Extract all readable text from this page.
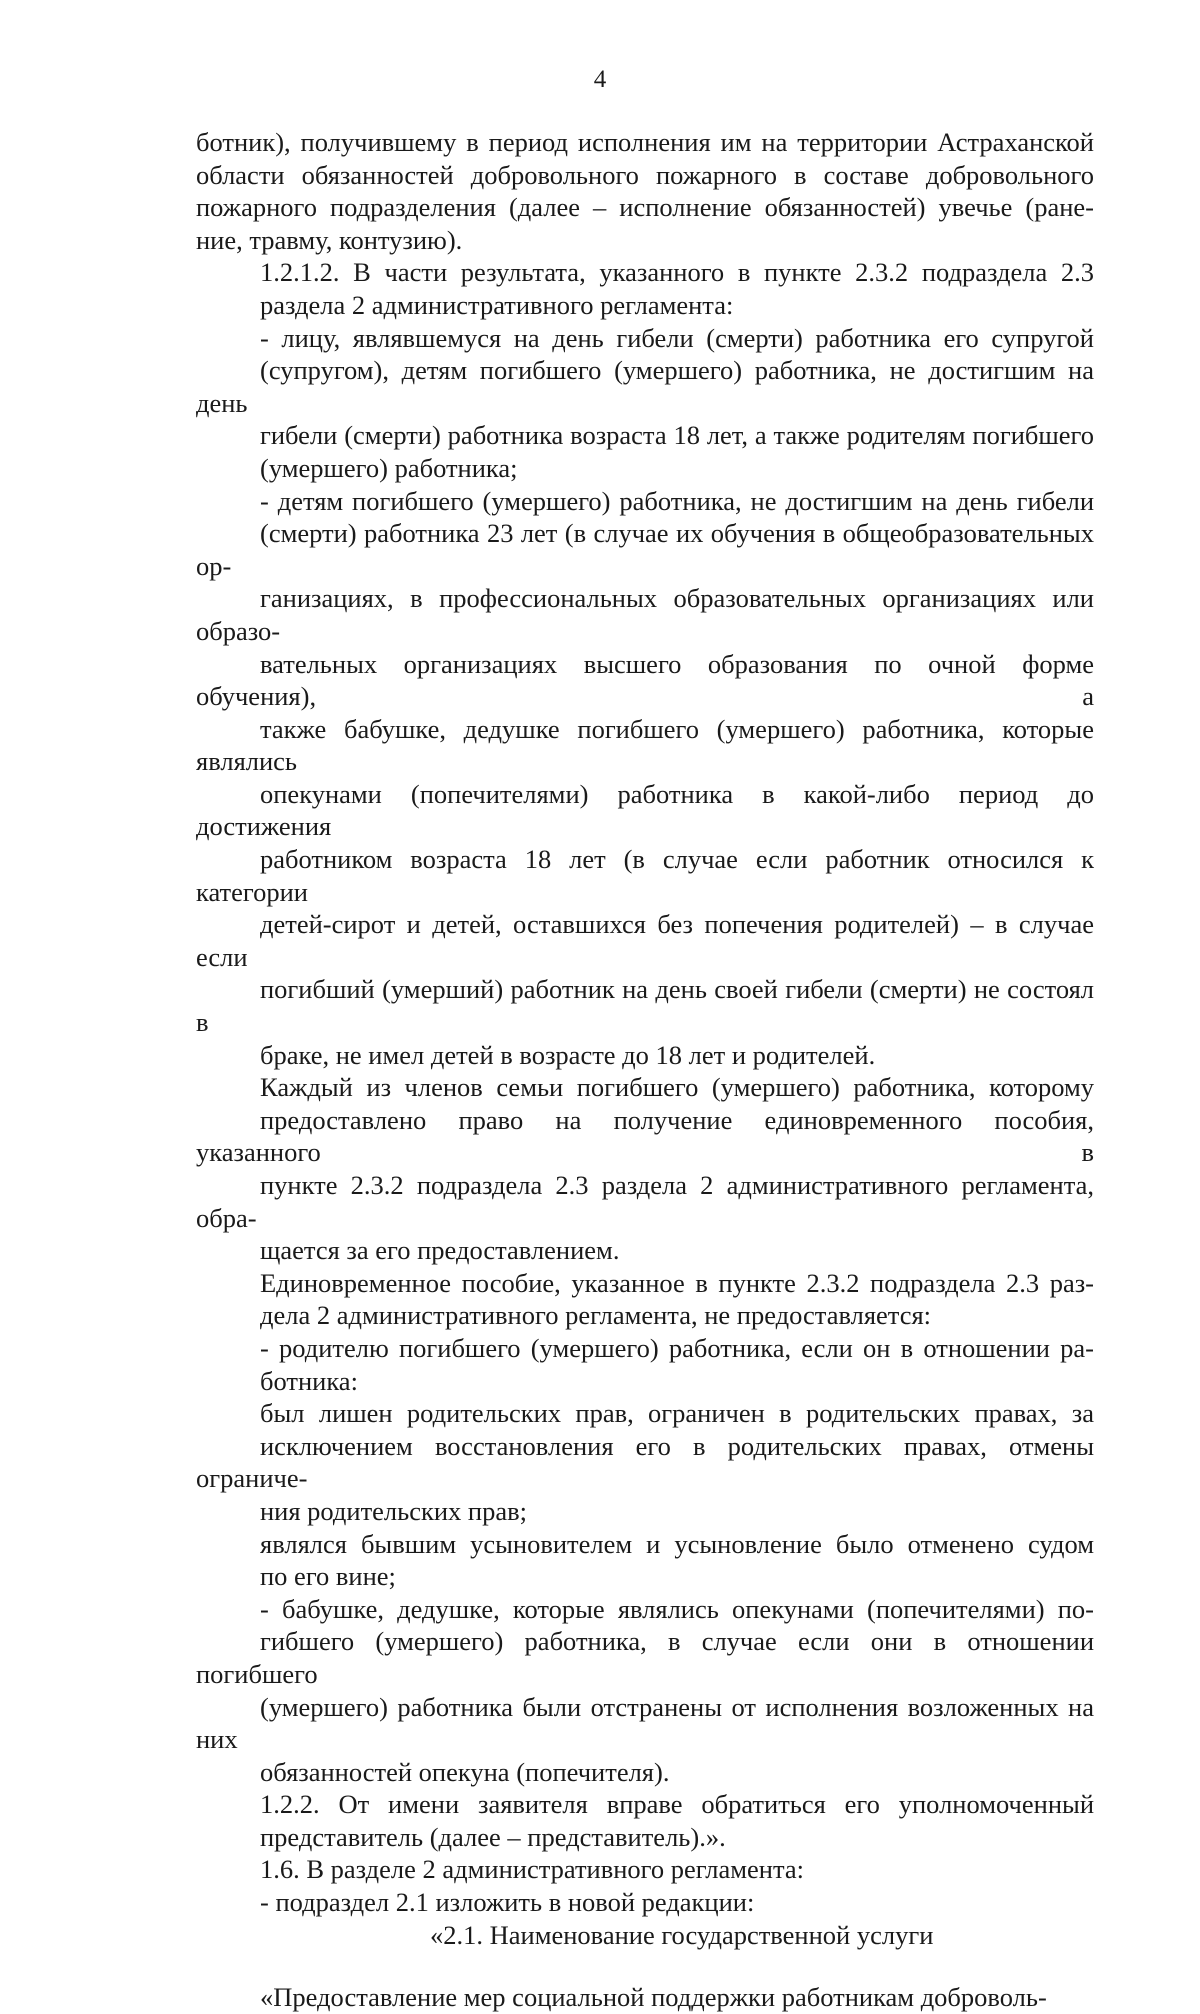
4

ботник), получившему в период исполнения им на территории Астраханской
области обязанностей добровольного пожарного в составе добровольного
пожарного подразделения (далее – исполнение обязанностей) увечье (ране-
ние, травму, контузию).

1.2.1.2. В части результата, указанного в пункте 2.3.2 подраздела 2.3
раздела 2 административного регламента:

- лицу, являвшемуся на день гибели (смерти) работника его супругой
(супругом), детям погибшего (умершего) работника, не достигшим на день
гибели (смерти) работника возраста 18 лет, а также родителям погибшего
(умершего) работника;

- детям погибшего (умершего) работника, не достигшим на день гибели
(смерти) работника 23 лет (в случае их обучения в общеобразовательных ор-
ганизациях, в профессиональных образовательных организациях или образо-
вательных организациях высшего образования по очной форме обучения), а
также бабушке, дедушке погибшего (умершего) работника, которые являлись
опекунами (попечителями) работника в какой-либо период до достижения
работником возраста 18 лет (в случае если работник относился к категории
детей-сирот и детей, оставшихся без попечения родителей) – в случае если
погибший (умерший) работник на день своей гибели (смерти) не состоял в
браке, не имел детей в возрасте до 18 лет и родителей.

Каждый из членов семьи погибшего (умершего) работника, которому
предоставлено право на получение единовременного пособия, указанного в
пункте 2.3.2 подраздела 2.3 раздела 2 административного регламента, обра-
щается за его предоставлением.

Единовременное пособие, указанное в пункте 2.3.2 подраздела 2.3 раз-
дела 2 административного регламента, не предоставляется:

- родителю погибшего (умершего) работника, если он в отношении ра-
ботника:

был лишен родительских прав, ограничен в родительских правах, за
исключением восстановления его в родительских правах, отмены ограниче-
ния родительских прав;

являлся бывшим усыновителем и усыновление было отменено судом
по его вине;

- бабушке, дедушке, которые являлись опекунами (попечителями) по-
гибшего (умершего) работника, в случае если они в отношении погибшего
(умершего) работника были отстранены от исполнения возложенных на них
обязанностей опекуна (попечителя).

1.2.2. От имени заявителя вправе обратиться его уполномоченный
представитель (далее – представитель).».

1.6. В разделе 2 административного регламента:

- подраздел 2.1 изложить в новой редакции:

«2.1. Наименование государственной услуги

«Предоставление мер социальной поддержки работникам доброволь-
